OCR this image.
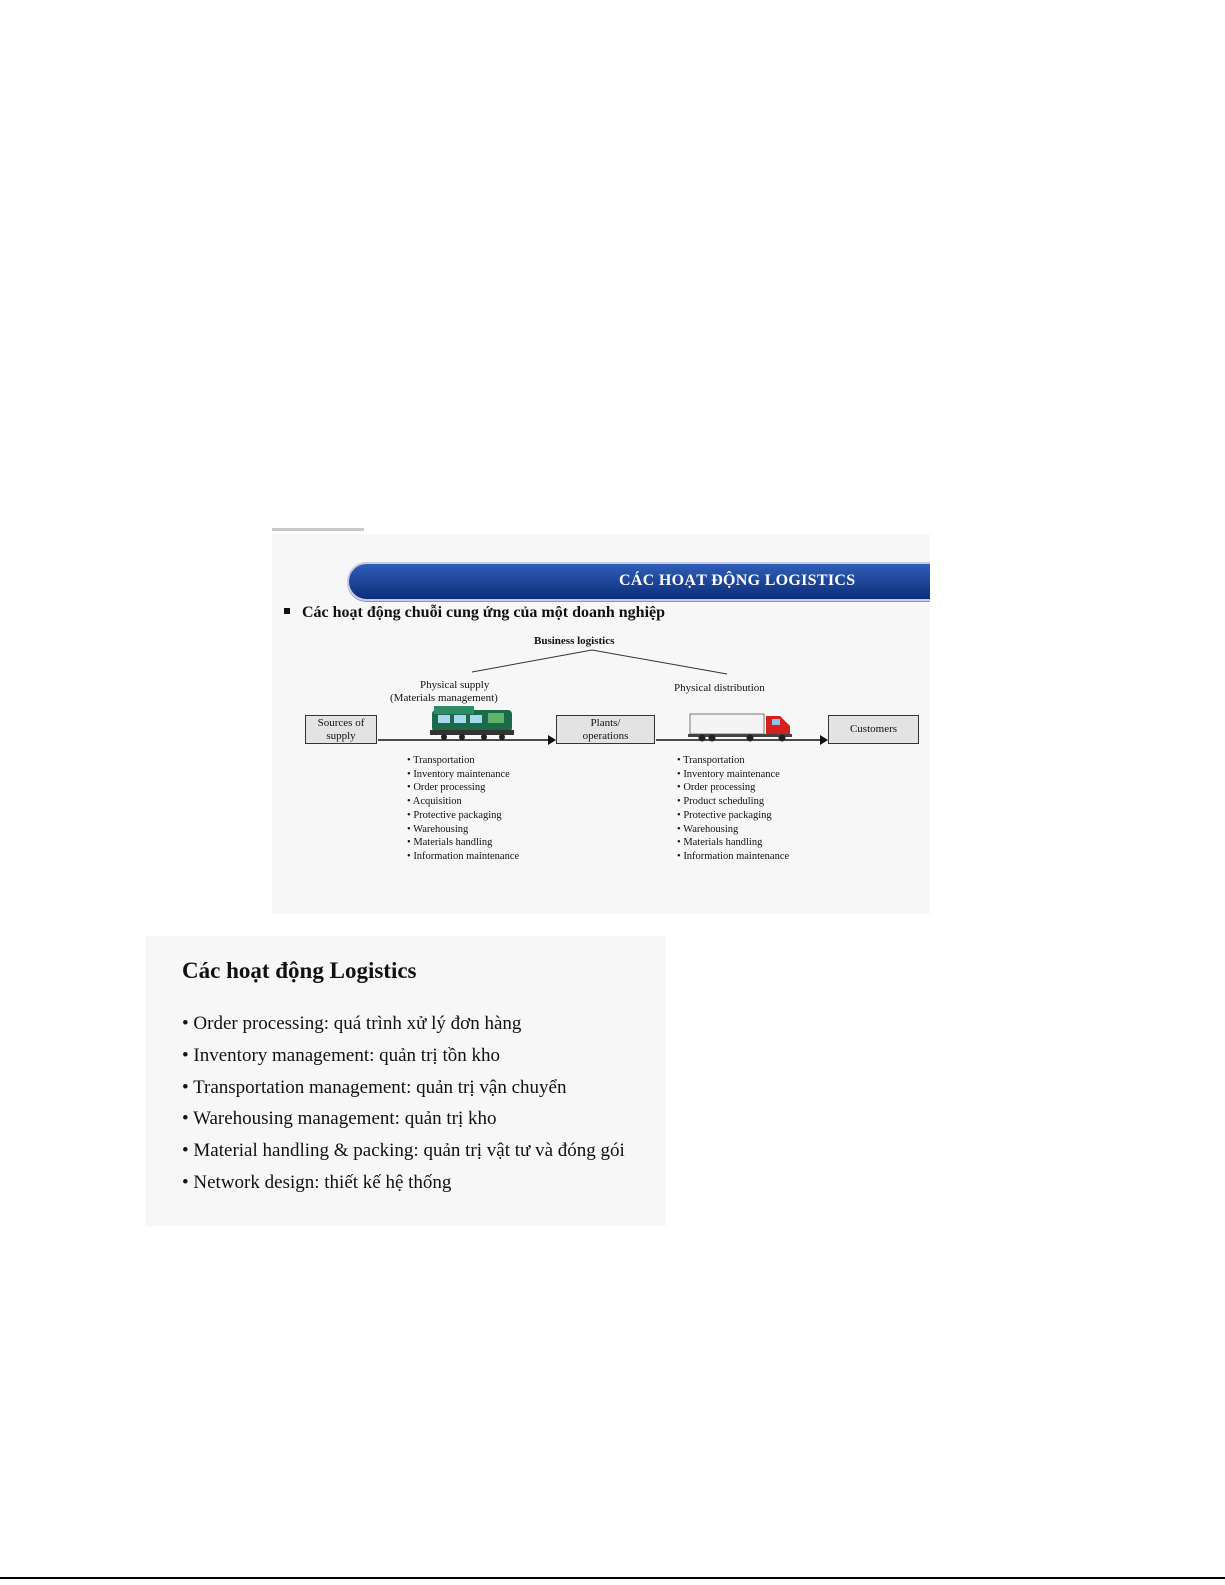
CÁC HOẠT ĐỘNG LOGISTICS
Các hoạt động chuỗi cung ứng của một doanh nghiệp
Business logistics
Physical supply
(Materials management)
Physical distribution
Sources of
supply
Plants/
operations
Customers
• Transportation
• Inventory maintenance
• Order processing
• Acquisition
• Protective packaging
• Warehousing
• Materials handling
• Information maintenance
• Transportation
• Inventory maintenance
• Order processing
• Product scheduling
• Protective packaging
• Warehousing
• Materials handling
• Information maintenance
Các hoạt động Logistics
• Order processing: quá trình xử lý đơn hàng
• Inventory management: quản trị tồn kho
• Transportation management: quản trị vận chuyển
• Warehousing management: quản trị kho
• Material handling & packing: quản trị vật tư và đóng gói
• Network design: thiết kế hệ thống
